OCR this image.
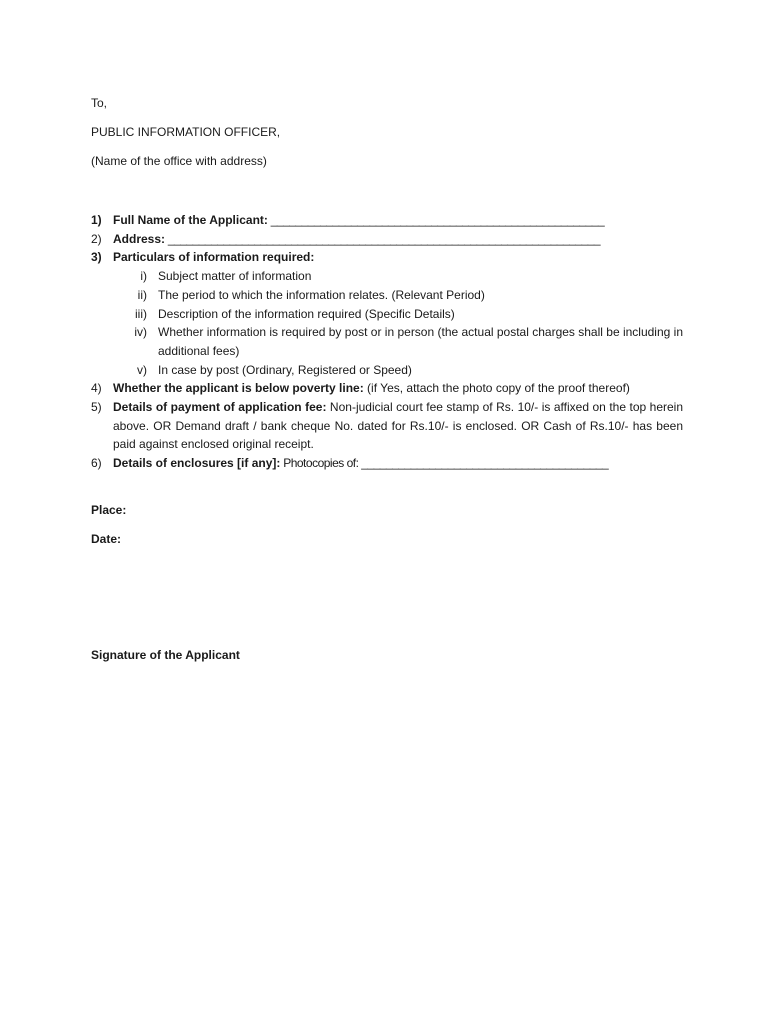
To,
PUBLIC INFORMATION OFFICER,
(Name of the office with address)
1) Full Name of the Applicant: ______________________________________________________
2) Address: ______________________________________________________________________
3) Particulars of information required:
i) Subject matter of information
ii) The period to which the information relates. (Relevant Period)
iii) Description of the information required (Specific Details)
iv) Whether information is required by post or in person (the actual postal charges shall be including in additional fees)
v) In case by post (Ordinary, Registered or Speed)
4) Whether the applicant is below poverty line: (if Yes, attach the photo copy of the proof thereof)
5) Details of payment of application fee: Non-judicial court fee stamp of Rs. 10/- is affixed on the top herein above. OR Demand draft / bank cheque No. dated for Rs.10/- is enclosed. OR Cash of Rs.10/- has been paid against enclosed original receipt.
6) Details of enclosures [if any]: Photocopies of: ________________________________________
Place:
Date:
Signature of the Applicant
